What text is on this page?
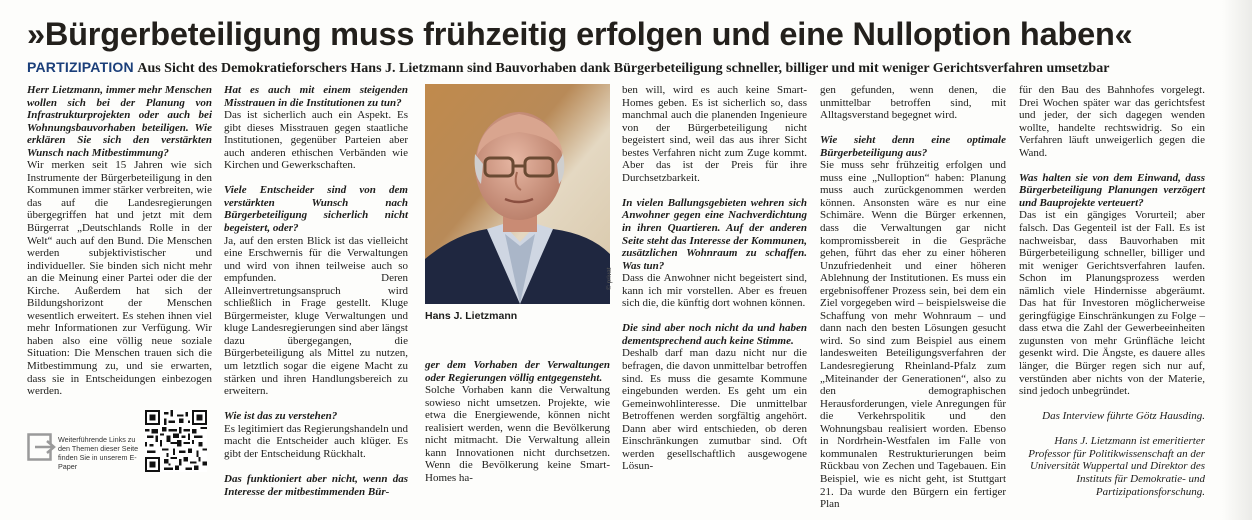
»Bürgerbeteiligung muss frühzeitig erfolgen und eine Nulloption haben«
PARTIZIPATION Aus Sicht des Demokratieforschers Hans J. Lietzmann sind Bauvorhaben dank Bürgerbeteiligung schneller, billiger und mit weniger Gerichtsverfahren umsetzbar

Herr Lietzmann, immer mehr Menschen wollen sich bei der Planung von Infrastrukturprojekten oder auch bei Wohnungsbauvorhaben beteiligen. Wie erklären Sie sich den verstärkten Wunsch nach Mitbestimmung?

Wir merken seit 15 Jahren wie sich Instrumente der Bürgerbeteiligung in den Kommunen immer stärker verbreiten, wie das auf die Landesregierungen übergegriffen hat und jetzt mit dem Bürgerrat „Deutschlands Rolle in der Welt“ auch auf den Bund. Die Menschen werden subjektivistischer und individueller. Sie binden sich nicht mehr an die Meinung einer Partei oder die der Kirche. Außerdem hat sich der Bildungshorizont der Menschen wesentlich erweitert. Es stehen ihnen viel mehr Informationen zur Verfügung. Wir haben also eine völlig neue soziale Situation: Die Menschen trauen sich die Mitbestimmung zu, und sie erwarten, dass sie in Entscheidungen einbezogen werden.

Weiterführende Links zu den Themen dieser Seite finden Sie in unserem E-Paper

Hat es auch mit einem steigenden Misstrauen in die Institutionen zu tun?

Das ist sicherlich auch ein Aspekt. Es gibt dieses Misstrauen gegen staatliche Institutionen, gegenüber Parteien aber auch anderen ethischen Verbänden wie Kirchen und Gewerkschaften.

Viele Entscheider sind von dem verstärkten Wunsch nach Bürgerbeteiligung sicherlich nicht begeistert, oder?

Ja, auf den ersten Blick ist das vielleicht eine Erschwernis für die Verwaltungen und wird von ihnen teilweise auch so empfunden. Deren Alleinvertretungsanspruch wird schließlich in Frage gestellt. Kluge Bürgermeister, kluge Verwaltungen und kluge Landesregierungen sind aber längst dazu übergegangen, die Bürgerbeteiligung als Mittel zu nutzen, um letztlich sogar die eigene Macht zu stärken und ihren Handlungsbereich zu erweitern.

Wie ist das zu verstehen?

Es legitimiert das Regierungshandeln und macht die Entscheider auch klüger. Es gibt der Entscheidung Rückhalt.

Das funktioniert aber nicht, wenn das Interesse der mitbestimmenden Bür-

Hans J. Lietzmann
© privat

ger dem Vorhaben der Verwaltungen oder Regierungen völlig entgegensteht.

Solche Vorhaben kann die Verwaltung sowieso nicht umsetzen. Projekte, wie etwa die Energiewende, können nicht realisiert werden, wenn die Bevölkerung nicht mitmacht. Die Verwaltung allein kann Innovationen nicht durchsetzen. Wenn die Bevölkerung keine Smart-Homes ha-

ben will, wird es auch keine Smart-Homes geben. Es ist sicherlich so, dass manchmal auch die planenden Ingenieure von der Bürgerbeteiligung nicht begeistert sind, weil das aus ihrer Sicht bestes Verfahren nicht zum Zuge kommt. Aber das ist der Preis für ihre Durchsetzbarkeit.

In vielen Ballungsgebieten wehren sich Anwohner gegen eine Nachverdichtung in ihren Quartieren. Auf der anderen Seite steht das Interesse der Kommunen, zusätzlichen Wohnraum zu schaffen. Was tun?

Dass die Anwohner nicht begeistert sind, kann ich mir vorstellen. Aber es freuen sich die, die künftig dort wohnen können.

Die sind aber noch nicht da und haben dementsprechend auch keine Stimme.

Deshalb darf man dazu nicht nur die befragen, die davon unmittelbar betroffen sind. Es muss die gesamte Kommune eingebunden werden. Es geht um ein Gemeinwohlinteresse. Die unmittelbar Betroffenen werden sorgfältig angehört. Dann aber wird entschieden, ob deren Einschränkungen zumutbar sind. Oft werden gesellschaftlich ausgewogene Lösun-

gen gefunden, wenn denen, die unmittelbar betroffen sind, mit Alltagsverstand begegnet wird.

Wie sieht denn eine optimale Bürgerbeteiligung aus?

Sie muss sehr frühzeitig erfolgen und muss eine „Nulloption“ haben: Planung muss auch zurückgenommen werden können. Ansonsten wäre es nur eine Schimäre. Wenn die Bürger erkennen, dass die Verwaltungen gar nicht kompromissbereit in die Gespräche gehen, führt das eher zu einer höheren Unzufriedenheit und einer höheren Ablehnung der Institutionen. Es muss ein ergebnisoffener Prozess sein, bei dem ein Ziel vorgegeben wird – beispielsweise die Schaffung von mehr Wohnraum – und dann nach den besten Lösungen gesucht wird. So sind zum Beispiel aus einem landesweiten Beteiligungsverfahren der Landesregierung Rheinland-Pfalz zum „Miteinander der Generationen“, also zu den demographischen Herausforderungen, viele Anregungen für die Verkehrspolitik und den Wohnungsbau realisiert worden. Ebenso in Nordrhein-Westfalen im Falle von kommunalen Restrukturierungen beim Rückbau von Zechen und Tagebauen. Ein Beispiel, wie es nicht geht, ist Stuttgart 21. Da wurde den Bürgern ein fertiger Plan

für den Bau des Bahnhofes vorgelegt. Drei Wochen später war das gerichtsfest und jeder, der sich dagegen wenden wollte, handelte rechtswidrig. So ein Verfahren läuft unweigerlich gegen die Wand.

Was halten sie von dem Einwand, dass Bürgerbeteiligung Planungen verzögert und Bauprojekte verteuert?

Das ist ein gängiges Vorurteil; aber falsch. Das Gegenteil ist der Fall. Es ist nachweisbar, dass Bauvorhaben mit Bürgerbeteiligung schneller, billiger und mit weniger Gerichtsverfahren laufen. Schon im Planungsprozess werden nämlich viele Hindernisse abgeräumt. Das hat für Investoren möglicherweise geringfügige Einschränkungen zu Folge – dass etwa die Zahl der Gewerbeeinheiten zugunsten von mehr Grünfläche leicht gesenkt wird. Die Ängste, es dauere alles länger, die Bürger regen sich nur auf, verstünden aber nichts von der Materie, sind jedoch unbegründet.

Das Interview führte Götz Hausding.

Hans J. Lietzmann ist emeritierter Professor für Politikwissenschaft an der Universität Wuppertal und Direktor des Instituts für Demokratie- und Partizipationsforschung.
